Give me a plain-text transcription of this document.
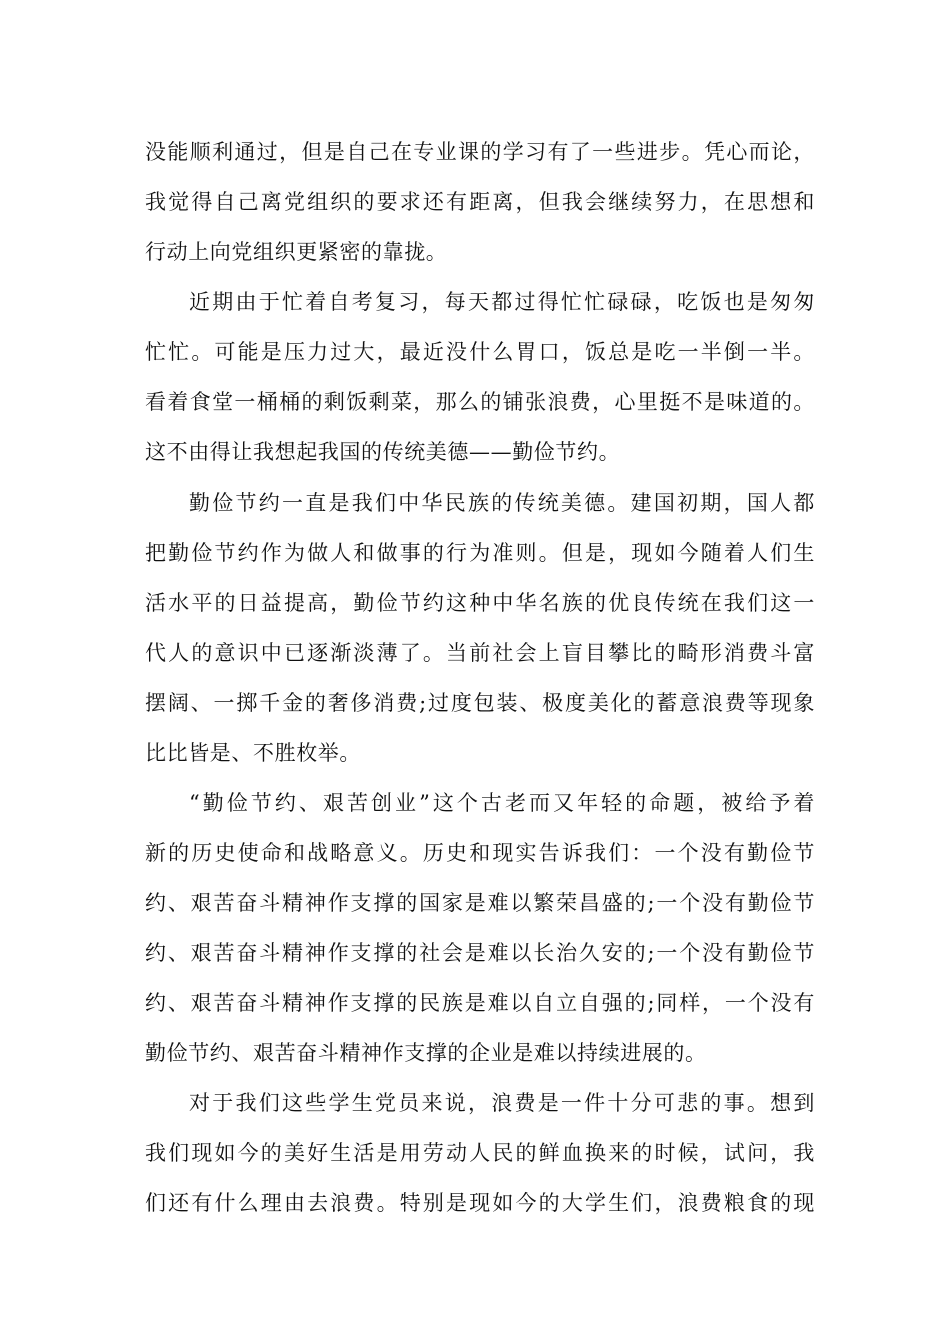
没能顺利通过，但是自己在专业课的学习有了一些进步。凭心而论，

我觉得自己离党组织的要求还有距离，但我会继续努力，在思想和

行动上向党组织更紧密的靠拢。

近期由于忙着自考复习，每天都过得忙忙碌碌，吃饭也是匆匆

忙忙。可能是压力过大，最近没什么胃口，饭总是吃一半倒一半。

看着食堂一桶桶的剩饭剩菜，那么的铺张浪费，心里挺不是味道的。

这不由得让我想起我国的传统美德——勤俭节约。

勤俭节约一直是我们中华民族的传统美德。建国初期，国人都

把勤俭节约作为做人和做事的行为准则。但是，现如今随着人们生

活水平的日益提高，勤俭节约这种中华名族的优良传统在我们这一

代人的意识中已逐渐淡薄了。当前社会上盲目攀比的畸形消费斗富

摆阔、一掷千金的奢侈消费;过度包装、极度美化的蓄意浪费等现象

比比皆是、不胜枚举。

“勤俭节约、艰苦创业”这个古老而又年轻的命题，被给予着

新的历史使命和战略意义。历史和现实告诉我们：一个没有勤俭节

约、艰苦奋斗精神作支撑的国家是难以繁荣昌盛的;一个没有勤俭节

约、艰苦奋斗精神作支撑的社会是难以长治久安的;一个没有勤俭节

约、艰苦奋斗精神作支撑的民族是难以自立自强的;同样，一个没有

勤俭节约、艰苦奋斗精神作支撑的企业是难以持续进展的。

对于我们这些学生党员来说，浪费是一件十分可悲的事。想到

我们现如今的美好生活是用劳动人民的鲜血换来的时候，试问，我

们还有什么理由去浪费。特别是现如今的大学生们，浪费粮食的现
